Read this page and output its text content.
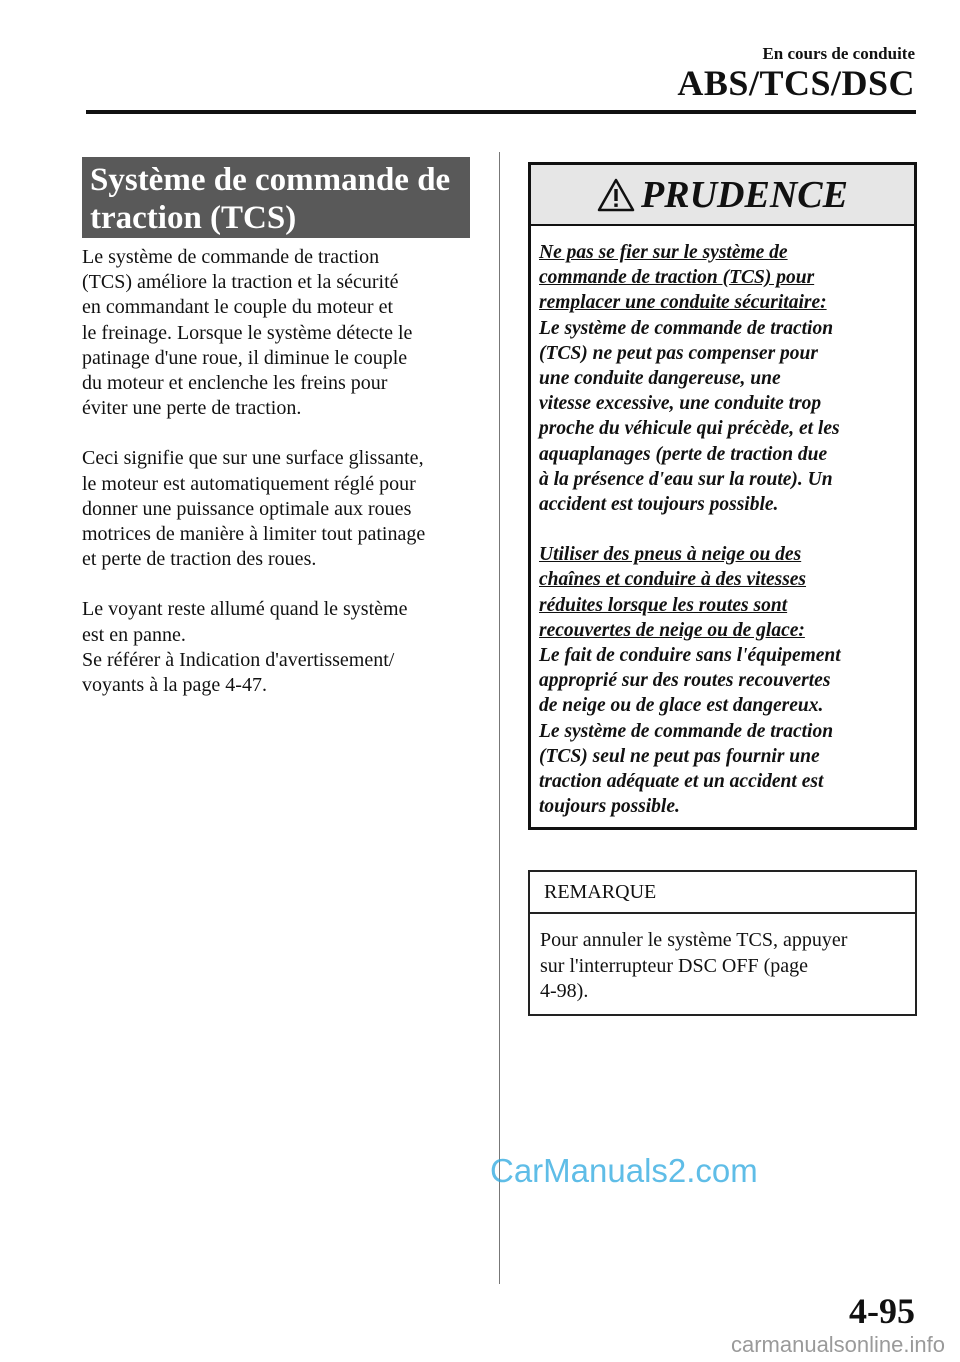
En cours de conduite
ABS/TCS/DSC
Système de commande de
traction (TCS)

Le système de commande de traction
(TCS) améliore la traction et la sécurité
en commandant le couple du moteur et
le freinage. Lorsque le système détecte le
patinage d'une roue, il diminue le couple
du moteur et enclenche les freins pour
éviter une perte de traction.

Ceci signifie que sur une surface glissante,
le moteur est automatiquement réglé pour
donner une puissance optimale aux roues
motrices de manière à limiter tout patinage
et perte de traction des roues.

Le voyant reste allumé quand le système
est en panne.
Se référer à Indication d'avertissement/
voyants à la page 4-47.

PRUDENCE
Ne pas se fier sur le système de
commande de traction (TCS) pour
remplacer une conduite sécuritaire:
Le système de commande de traction
(TCS) ne peut pas compenser pour
une conduite dangereuse, une
vitesse excessive, une conduite trop
proche du véhicule qui précède, et les
aquaplanages (perte de traction due
à la présence d'eau sur la route). Un
accident est toujours possible.
Utiliser des pneus à neige ou des
chaînes et conduire à des vitesses
réduites lorsque les routes sont
recouvertes de neige ou de glace:
Le fait de conduire sans l'équipement
approprié sur des routes recouvertes
de neige ou de glace est dangereux.
Le système de commande de traction
(TCS) seul ne peut pas fournir une
traction adéquate et un accident est
toujours possible.
REMARQUE
Pour annuler le système TCS, appuyer
sur l'interrupteur DSC OFF (page
4-98).
CarManuals2.com
4-95
carmanualsonline.info
